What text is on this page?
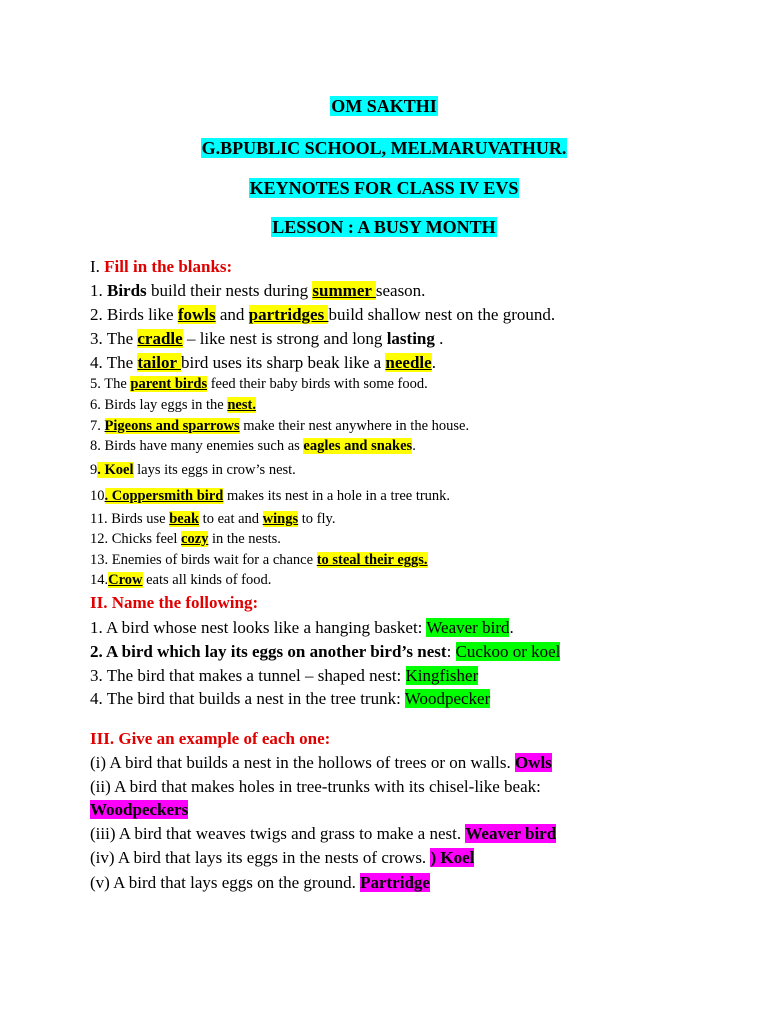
OM SAKTHI
G.BPUBLIC SCHOOL, MELMARUVATHUR.
KEYNOTES FOR CLASS IV EVS
LESSON : A BUSY MONTH
I. Fill in the blanks:
1. Birds build their nests during summer season.
2. Birds like fowls and partridges build shallow nest on the ground.
3. The cradle – like nest is strong and long lasting .
4. The tailor bird uses its sharp beak like a needle.
5. The parent birds feed their baby birds with some food.
6. Birds lay eggs in the nest.
7. Pigeons and sparrows make their nest anywhere in the house.
8. Birds have many enemies such as eagles and snakes.
9. Koel lays its eggs in crow’s nest.
10. Coppersmith bird makes its nest in a hole in a tree trunk.
11. Birds use beak to eat and wings to fly.
12. Chicks feel cozy in the nests.
13. Enemies of birds wait for a chance to steal their eggs.
14.Crow eats all kinds of food.
II. Name the following:
1. A bird whose nest looks like a hanging basket: Weaver bird.
2. A bird which lay its eggs on another bird’s nest: Cuckoo or koel
3. The bird that makes a tunnel – shaped nest: Kingfisher
4. The bird that builds a nest in the tree trunk: Woodpecker
III. Give an example of each one:
(i) A bird that builds a nest in the hollows of trees or on walls. Owls
(ii) A bird that makes holes in tree-trunks with its chisel-like beak:
Woodpeckers
(iii) A bird that weaves twigs and grass to make a nest. Weaver bird
(iv) A bird that lays its eggs in the nests of crows. ) Koel
(v) A bird that lays eggs on the ground. Partridge
